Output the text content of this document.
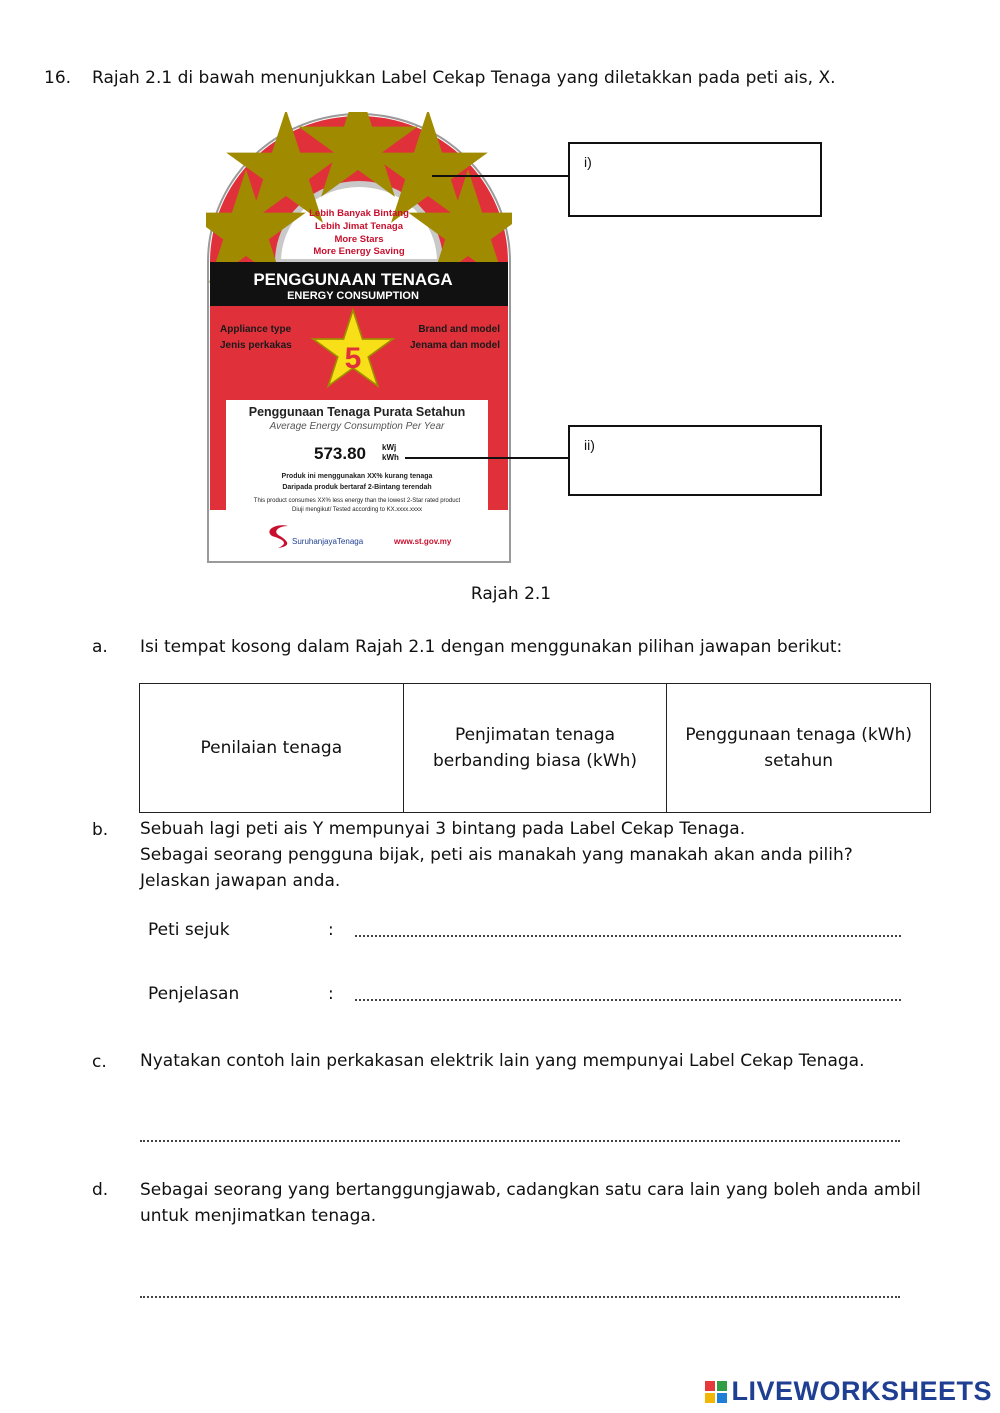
16. Rajah 2.1 di bawah menunjukkan Label Cekap Tenaga yang diletakkan pada peti ais, X.
Lebih Banyak Bintang
Lebih Jimat Tenaga
More Stars
More Energy Saving
PENGGUNAAN TENAGA
ENERGY CONSUMPTION
Appliance type
Jenis perkakas
Brand and model
Jenama dan model
5
Penggunaan Tenaga Purata Setahun
Average Energy Consumption Per Year
573.80 kWj
kWh
Produk ini menggunakan XX% kurang tenaga
Daripada produk bertaraf 2-Bintang terendah
This product consumes XX% less energy than the lowest 2-Star rated product
Diuji mengikut/ Tested according to KX.xxxx.xxxx
SuruhanjayaTenaga	www.st.gov.my
i)
ii)
Rajah 2.1
a. Isi tempat kosong dalam Rajah 2.1 dengan menggunakan pilihan jawapan berikut:
Penilaian tenaga	Penjimatan tenaga berbanding biasa (kWh)	Penggunaan tenaga (kWh) setahun
b. Sebuah lagi peti ais Y mempunyai 3 bintang pada Label Cekap Tenaga.
Sebagai seorang pengguna bijak, peti ais manakah yang manakah akan anda pilih?
Jelaskan jawapan anda.
Peti sejuk	:
Penjelasan	:
c. Nyatakan contoh lain perkakasan elektrik lain yang mempunyai Label Cekap Tenaga.
d. Sebagai seorang yang bertanggungjawab, cadangkan satu cara lain yang boleh anda ambil
untuk menjimatkan tenaga.
LIVEWORKSHEETS
